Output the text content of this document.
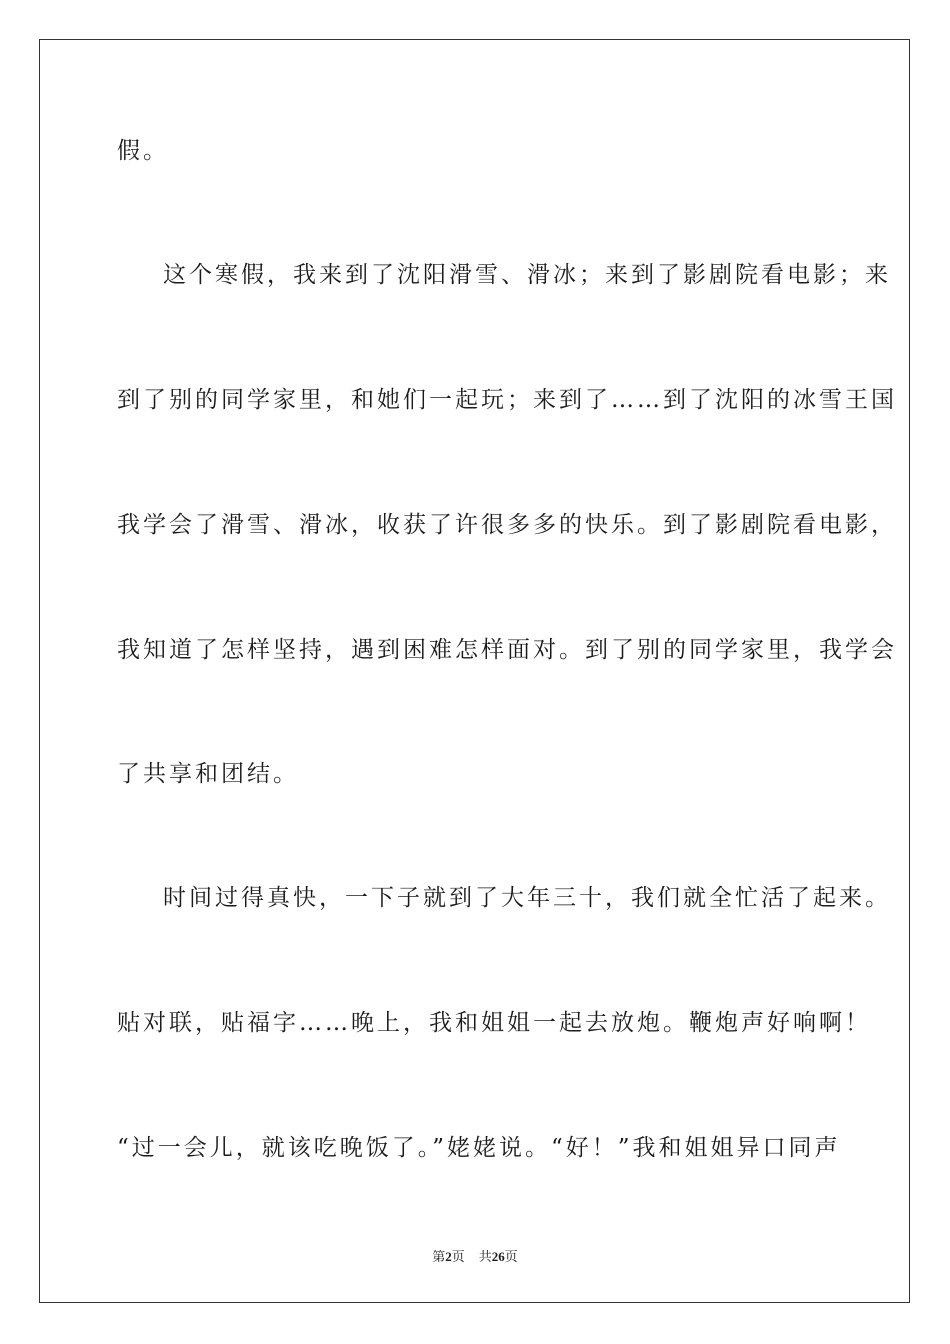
假。
这个寒假，我来到了沈阳滑雪、滑冰；来到了影剧院看电影；来
到了别的同学家里，和她们一起玩；来到了……到了沈阳的冰雪王国
我学会了滑雪、滑冰，收获了许很多多的快乐。到了影剧院看电影，
我知道了怎样坚持，遇到困难怎样面对。到了别的同学家里，我学会
了共享和团结。
时间过得真快，一下子就到了大年三十，我们就全忙活了起来。
贴对联，贴福字……晚上，我和姐姐一起去放炮。鞭炮声好响啊！
“过一会儿，就该吃晚饭了。”姥姥说。“好！”我和姐姐异口同声
第2页 共26页
